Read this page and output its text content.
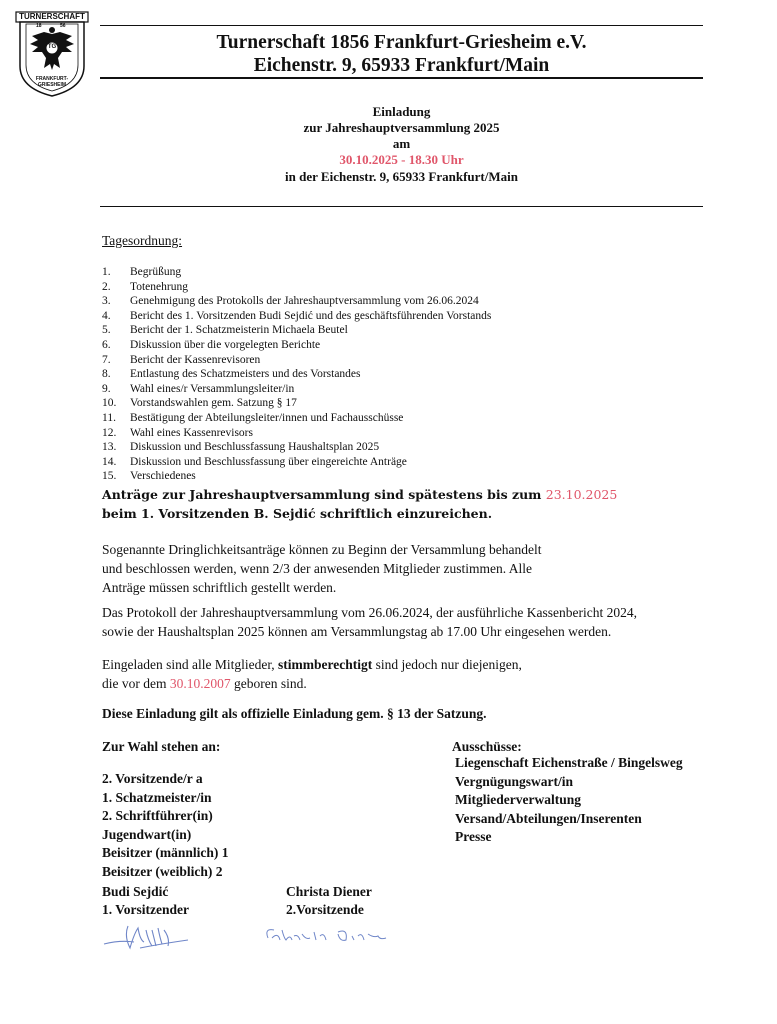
TURNERSCHAFT
18	56
TG
FRANKFURT-GRIESHEIM
Turnerschaft 1856 Frankfurt-Griesheim e.V.
Eichenstr. 9, 65933 Frankfurt/Main
Einladung
zur Jahreshauptversammlung 2025
am
30.10.2025 - 18.30 Uhr
in der Eichenstr. 9, 65933 Frankfurt/Main
Tagesordnung:
1.	Begrüßung
2.	Totenehrung
3.	Genehmigung des Protokolls der Jahreshauptversammlung vom 26.06.2024
4.	Bericht des 1. Vorsitzenden Budi Sejdić und des geschäftsführenden Vorstands
5.	Bericht der 1. Schatzmeisterin Michaela Beutel
6.	Diskussion über die vorgelegten Berichte
7.	Bericht der Kassenrevisoren
8.	Entlastung des Schatzmeisters und des Vorstandes
9.	Wahl eines/r Versammlungsleiter/in
10.	Vorstandswahlen gem. Satzung § 17
11.	Bestätigung der Abteilungsleiter/innen und Fachausschüsse
12.	Wahl eines Kassenrevisors
13.	Diskussion und Beschlussfassung Haushaltsplan 2025
14.	Diskussion und Beschlussfassung über eingereichte Anträge
15.	Verschiedenes
Anträge zur Jahreshauptversammlung sind spätestens bis zum 23.10.2025
beim 1. Vorsitzenden B. Sejdić schriftlich einzureichen.
Sogenannte Dringlichkeitsanträge können zu Beginn der Versammlung behandelt
und beschlossen werden, wenn 2/3 der anwesenden Mitglieder zustimmen. Alle
Anträge müssen schriftlich gestellt werden.
Das Protokoll der Jahreshauptversammlung vom 26.06.2024, der ausführliche Kassenbericht 2024,
sowie der Haushaltsplan 2025 können am Versammlungstag ab 17.00 Uhr eingesehen werden.
Eingeladen sind alle Mitglieder, stimmberechtigt sind jedoch nur diejenigen,
die vor dem 30.10.2007 geboren sind.
Diese Einladung gilt als offizielle Einladung gem. § 13 der Satzung.
Zur Wahl stehen an:
2. Vorsitzende/r a
1. Schatzmeister/in
2. Schriftführer(in)
Jugendwart(in)
Beisitzer (männlich) 1
Beisitzer (weiblich) 2
Ausschüsse:
Liegenschaft Eichenstraße / Bingelsweg
Vergnügungswart/in
Mitgliederverwaltung
Versand/Abteilungen/Inserenten
Presse
Budi Sejdić
1. Vorsitzender
Christa Diener
2.Vorsitzende
